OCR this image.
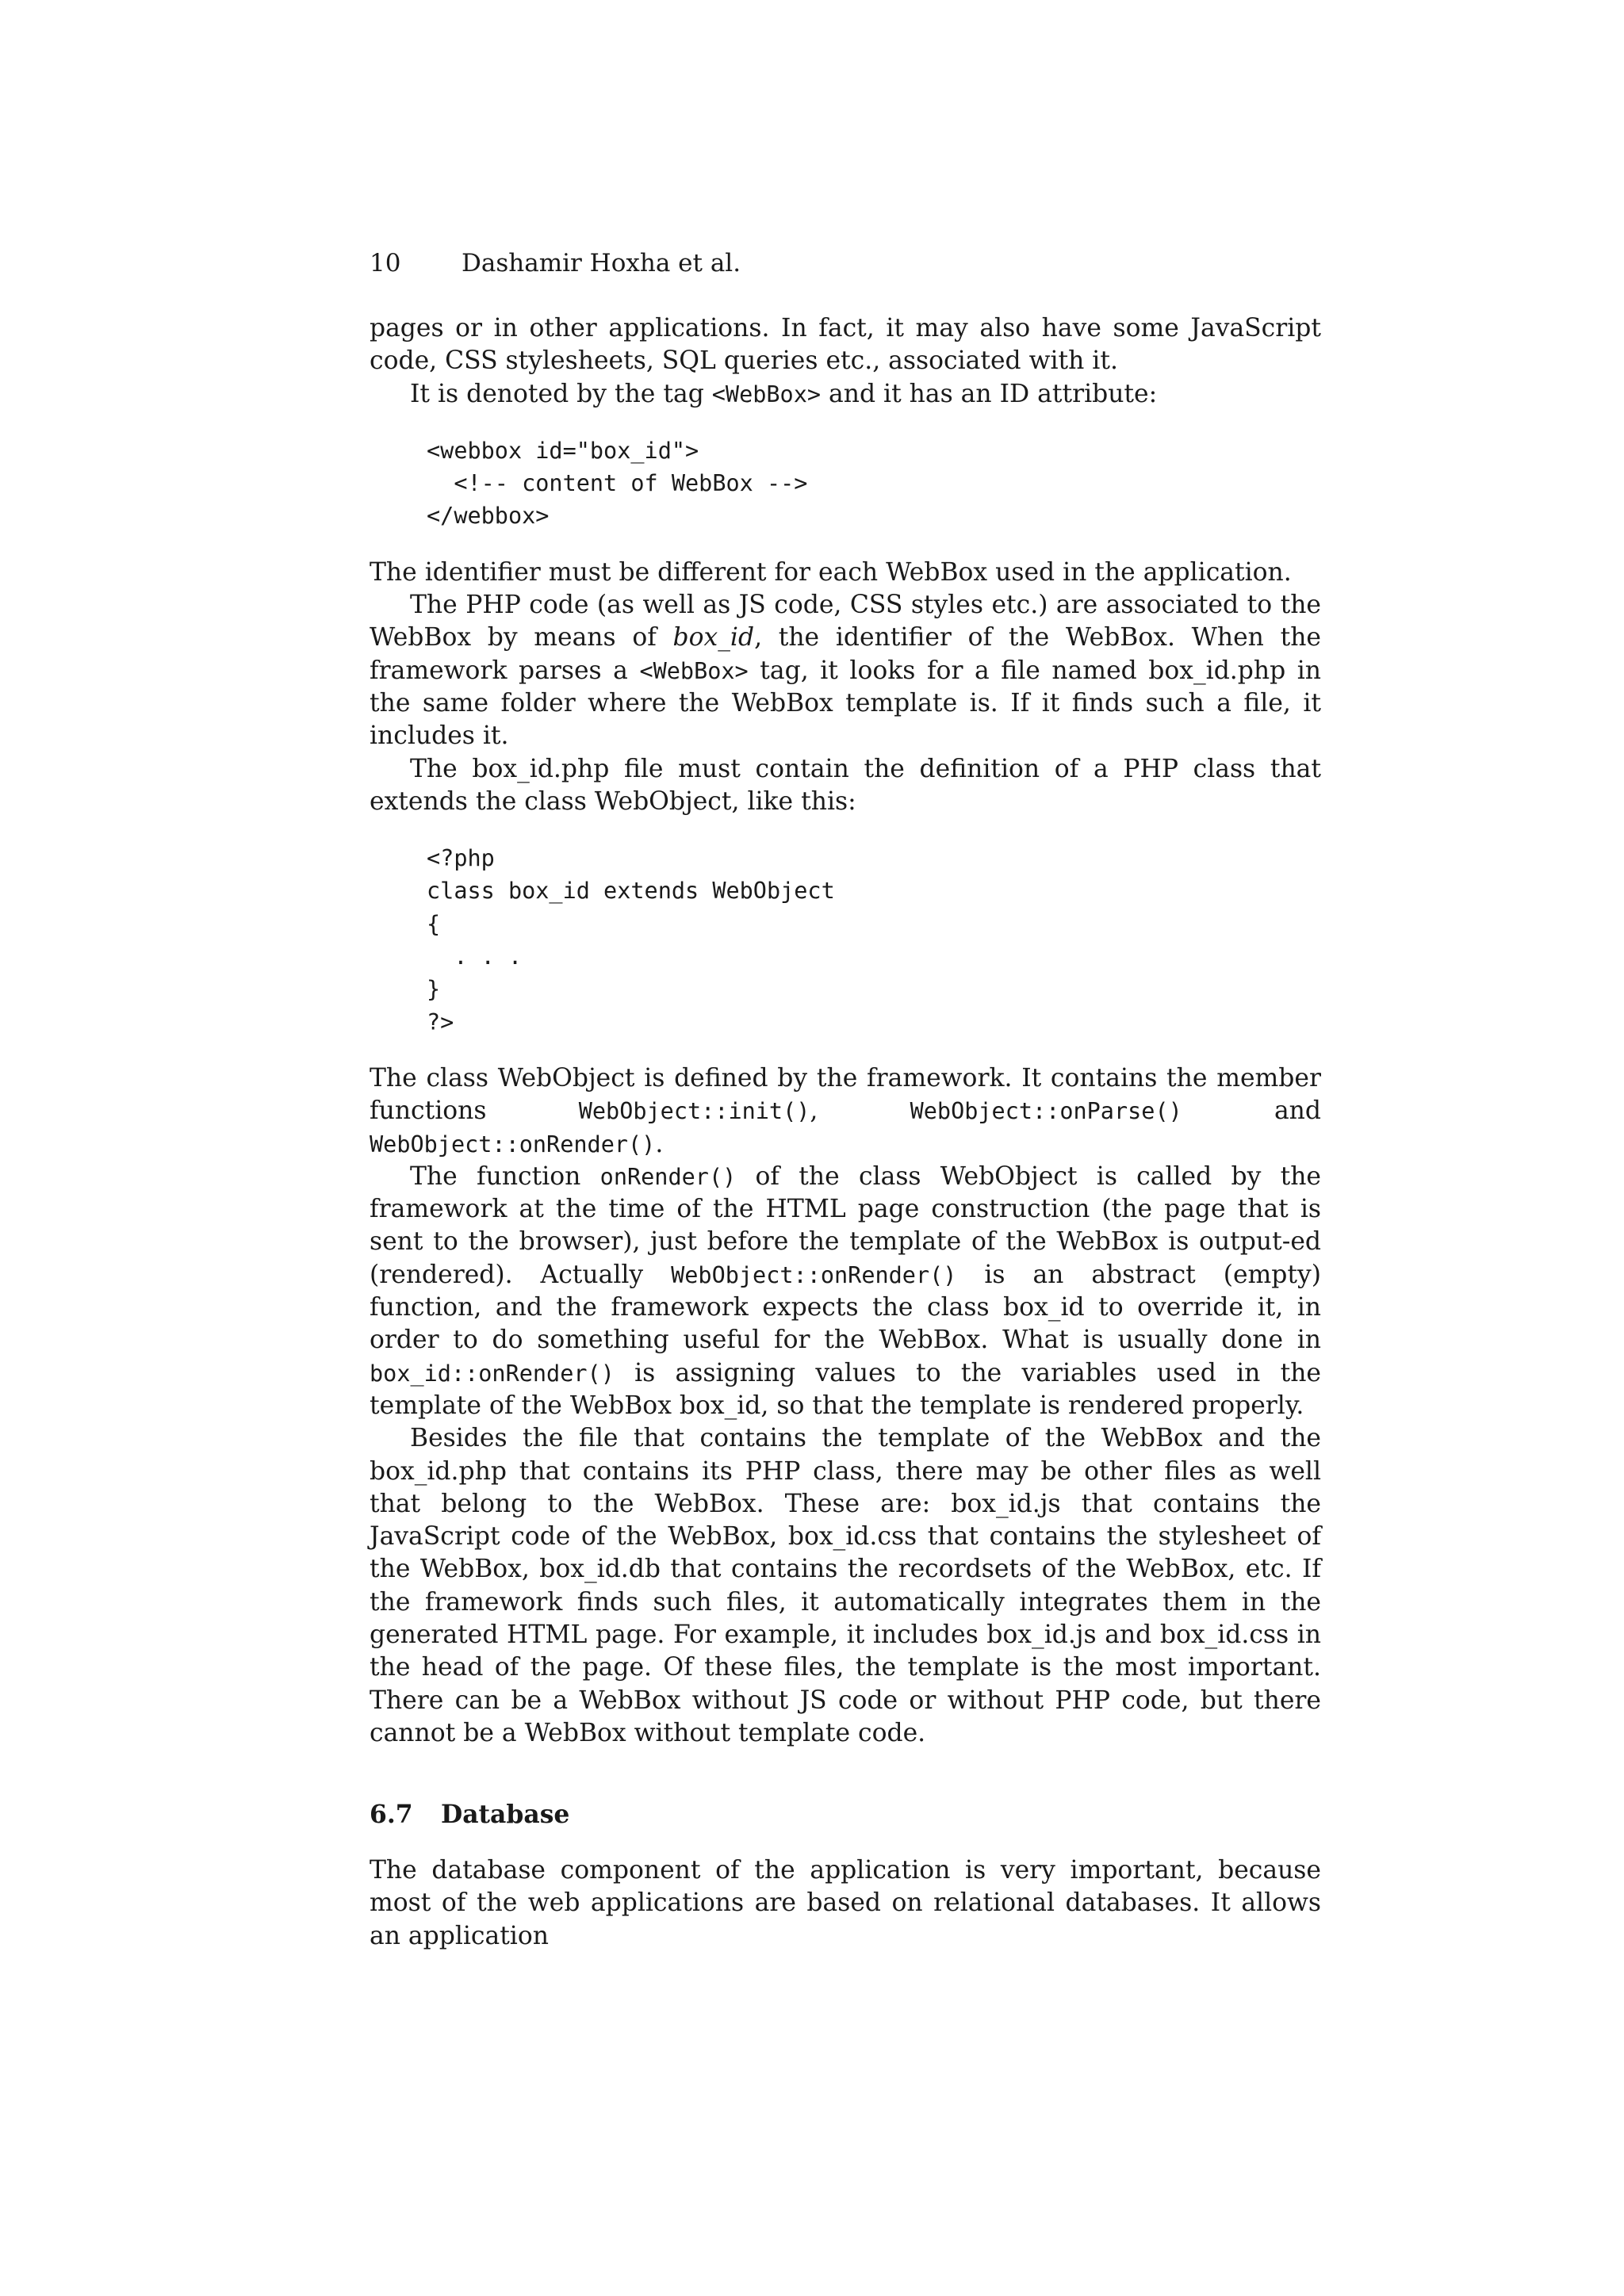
10 Dashamir Hoxha et al.

pages or in other applications. In fact, it may also have some JavaScript code, CSS stylesheets, SQL queries etc., associated with it.

It is denoted by the tag <WebBox> and it has an ID attribute:

<webbox id="box_id">
<!-- content of WebBox -->
</webbox>

The identifier must be different for each WebBox used in the application.

The PHP code (as well as JS code, CSS styles etc.) are associated to the WebBox by means of box_id, the identifier of the WebBox. When the framework parses a <WebBox> tag, it looks for a file named box_id.php in the same folder where the WebBox template is. If it finds such a file, it includes it.

The box_id.php file must contain the definition of a PHP class that extends the class WebObject, like this:

<?php
class box_id extends WebObject
{
. . .
}
?>

The class WebObject is defined by the framework. It contains the member functions WebObject::init(), WebObject::onParse() and WebObject::onRender().

The function onRender() of the class WebObject is called by the framework at the time of the HTML page construction (the page that is sent to the browser), just before the template of the WebBox is output-ed (rendered). Actually WebObject::onRender() is an abstract (empty) function, and the framework expects the class box_id to override it, in order to do something useful for the WebBox. What is usually done in box_id::onRender() is assigning values to the variables used in the template of the WebBox box_id, so that the template is rendered properly.

Besides the file that contains the template of the WebBox and the box_id.php that contains its PHP class, there may be other files as well that belong to the WebBox. These are: box_id.js that contains the JavaScript code of the WebBox, box_id.css that contains the stylesheet of the WebBox, box_id.db that contains the recordsets of the WebBox, etc. If the framework finds such files, it automatically integrates them in the generated HTML page. For example, it includes box_id.js and box_id.css in the head of the page. Of these files, the template is the most important. There can be a WebBox without JS code or without PHP code, but there cannot be a WebBox without template code.

6.7 Database

The database component of the application is very important, because most of the web applications are based on relational databases. It allows an application
